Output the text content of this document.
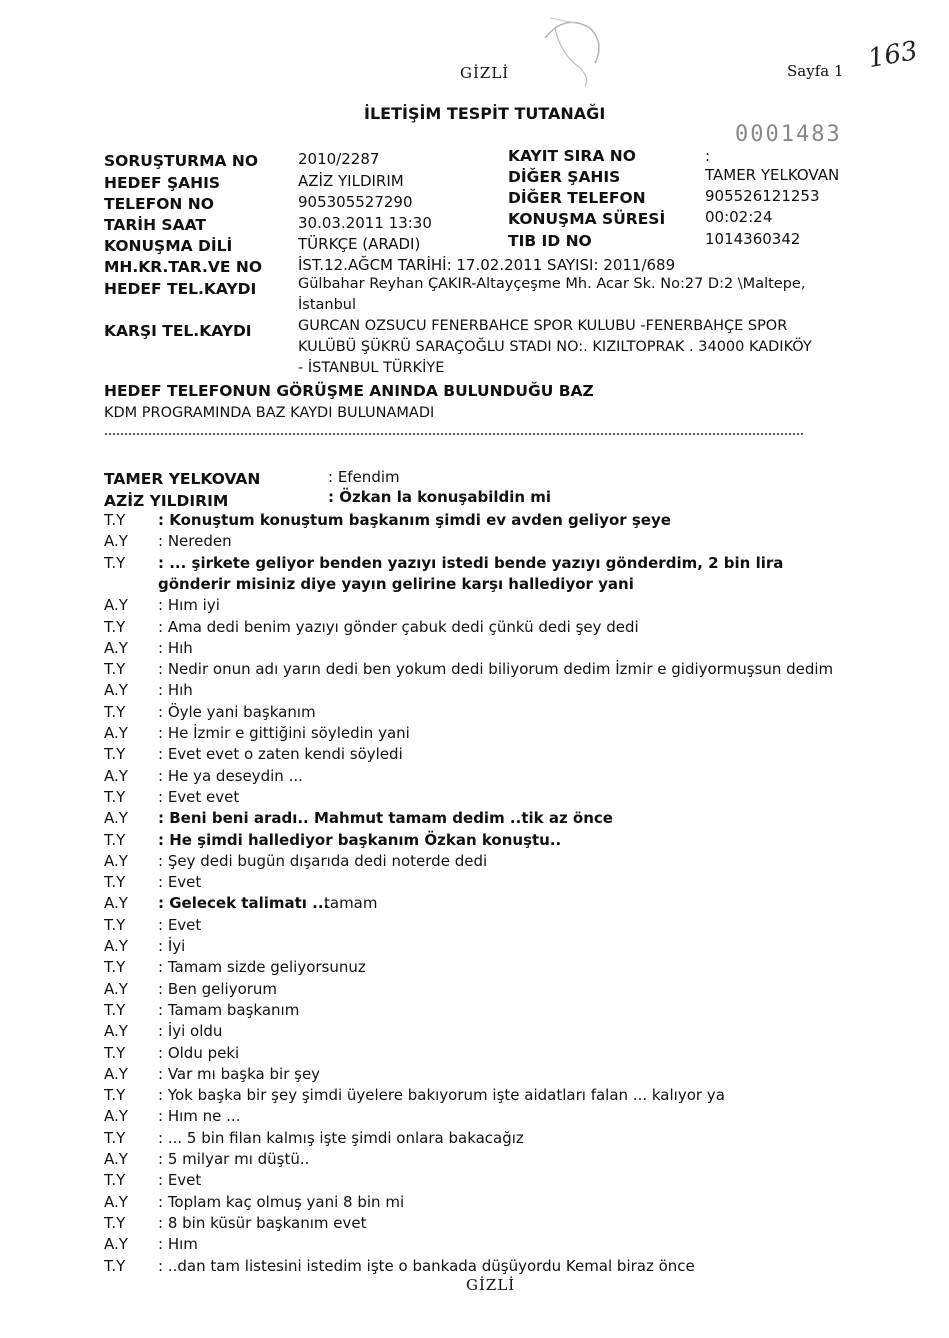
GİZLİ	Sayfa 1 163
0001483
İLETİŞİM TESPİT TUTANAĞI
SORUŞTURMA NO	2010/2287
HEDEF ŞAHIS	AZİZ YILDIRIM
TELEFON NO	905305527290
TARİH SAAT	30.03.2011 13:30
KONUŞMA DİLİ	TÜRKÇE (ARADI)
KAYIT SIRA NO	:
DİĞER ŞAHIS	TAMER YELKOVAN
DİĞER TELEFON	905526121253
KONUŞMA SÜRESİ	00:02:24
TIB ID NO	1014360342
MH.KR.TAR.VE NO İST.12.AĞCM TARİHİ: 17.02.2011 SAYISI: 2011/689
HEDEF TEL.KAYDI	Gülbahar Reyhan ÇAKIR-Altayçeşme Mh. Acar Sk. No:27 D:2 \Maltepe,
İstanbul
KARŞI TEL.KAYDI	GURCAN OZSUCU FENERBAHCE SPOR KULUBU -FENERBAHÇE SPOR
KULÜBÜ ŞÜKRÜ SARAÇOĞLU STADI NO:. KIZILTOPRAK . 34000 KADIKÖY
- İSTANBUL TÜRKİYE
HEDEF TELEFONUN GÖRÜŞME ANINDA BULUNDUĞU BAZ
KDM PROGRAMINDA BAZ KAYDI BULUNAMADI
TAMER YELKOVAN	: Efendim
AZİZ YILDIRIM	: Özkan la konuşabildin mi
T.Y : Konuştum konuştum başkanım şimdi ev avden geliyor şeye
A.Y : Nereden
T.Y : ... şirkete geliyor benden yazıyı istedi bende yazıyı gönderdim, 2 bin lira
gönderir misiniz diye yayın gelirine karşı hallediyor yani
A.Y : Hım iyi
T.Y : Ama dedi benim yazıyı gönder çabuk dedi çünkü dedi şey dedi
A.Y : Hıh
T.Y : Nedir onun adı yarın dedi ben yokum dedi biliyorum dedim İzmir e gidiyormuşsun dedim
A.Y : Hıh
T.Y : Öyle yani başkanım
A.Y : He İzmir e gittiğini söyledin yani
T.Y : Evet evet o zaten kendi söyledi
A.Y : He ya deseydin ...
T.Y : Evet evet
A.Y : Beni beni aradı.. Mahmut tamam dedim ..tik az önce
T.Y : He şimdi hallediyor başkanım Özkan konuştu..
A.Y : Şey dedi bugün dışarıda dedi noterde dedi
T.Y : Evet
A.Y : Gelecek talimatı ...
tamam
T.Y : Evet
A.Y : İyi
T.Y : Tamam sizde geliyorsunuz
A.Y : Ben geliyorum
T.Y : Tamam başkanım
A.Y : İyi oldu
T.Y : Oldu peki
A.Y : Var mı başka bir şey
T.Y : Yok başka bir şey şimdi üyelere bakıyorum işte aidatları falan ... kalıyor ya
A.Y : Hım ne ...
T.Y : ... 5 bin filan kalmış işte şimdi onlara bakacağız
A.Y : 5 milyar mı düştü..
T.Y : Evet
A.Y : Toplam kaç olmuş yani 8 bin mi
T.Y : 8 bin küsür başkanım evet
A.Y : Hım
T.Y : ..dan tam listesini istedim işte o bankada düşüyordu Kemal biraz önce
GİZLİ
